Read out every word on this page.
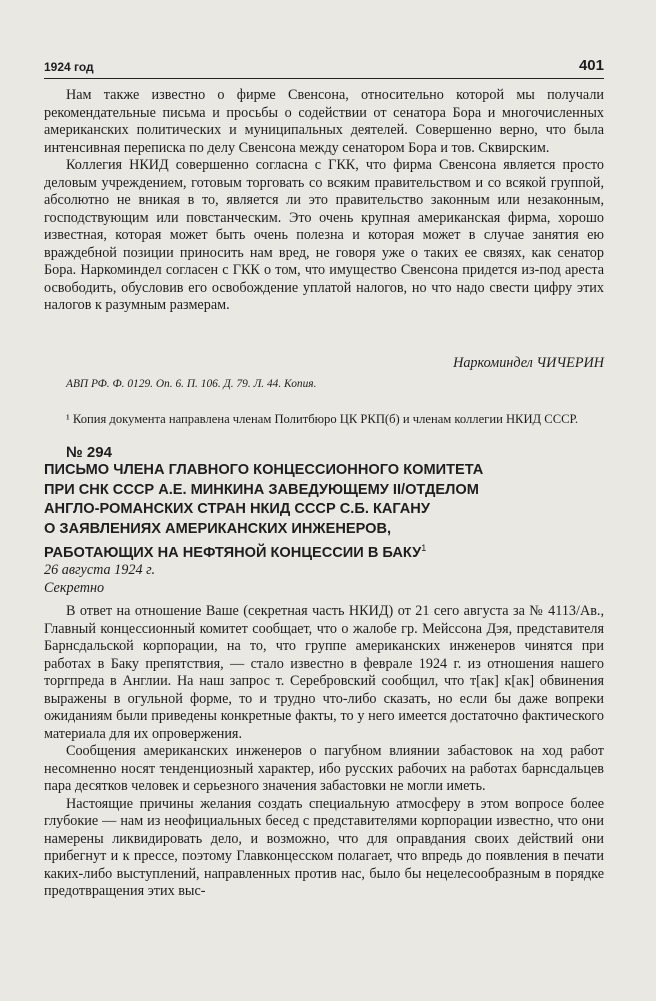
1924 год	401

Нам также известно о фирме Свенсона, относительно которой мы получали рекомендательные письма и просьбы о содействии от сенатора Бора и многочисленных американских политических и муниципальных деятелей. Совершенно верно, что была интенсивная переписка по делу Свенсона между сенатором Бора и тов. Сквирским.

Коллегия НКИД совершенно согласна с ГКК, что фирма Свенсона является просто деловым учреждением, готовым торговать со всяким правительством и со всякой группой, абсолютно не вникая в то, является ли это правительство законным или незаконным, господствующим или повстанческим. Это очень крупная американская фирма, хорошо известная, которая может быть очень полезна и которая может в случае занятия ею враждебной позиции приносить нам вред, не говоря уже о таких ее связях, как сенатор Бора. Наркоминдел согласен с ГКК о том, что имущество Свенсона придется из-под ареста освободить, обусловив его освобождение уплатой налогов, но что надо свести цифру этих налогов к разумным размерам.

Наркоминдел ЧИЧЕРИН

АВП РФ. Ф. 0129. Оп. 6. П. 106. Д. 79. Л. 44. Копия.

¹ Копия документа направлена членам Политбюро ЦК РКП(б) и членам коллегии НКИД СССР.

№ 294

ПИСЬМО ЧЛЕНА ГЛАВНОГО КОНЦЕССИОННОГО КОМИТЕТА
ПРИ СНК СССР А.Е. МИНКИНА ЗАВЕДУЮЩЕМУ II/ОТДЕЛОМ
АНГЛО-РОМАНСКИХ СТРАН НКИД СССР С.Б. КАГАНУ
О ЗАЯВЛЕНИЯХ АМЕРИКАНСКИХ ИНЖЕНЕРОВ,
РАБОТАЮЩИХ НА НЕФТЯНОЙ КОНЦЕССИИ В БАКУ$^1$

26 августа 1924 г.

Секретно

В ответ на отношение Ваше (секретная часть НКИД) от 21 сего августа за № 4113/Ав., Главный концессионный комитет сообщает, что о жалобе гр. Мейссона Дэя, представителя Барнсдальской корпорации, на то, что группе американских инженеров чинятся при работах в Баку препятствия, — стало известно в феврале 1924 г. из отношения нашего торгпреда в Англии. На наш запрос т. Серебровский сообщил, что т[ак] к[ак] обвинения выражены в огульной форме, то и трудно что-либо сказать, но если бы даже вопреки ожиданиям были приведены конкретные факты, то у него имеется достаточно фактического материала для их опровержения.

Сообщения американских инженеров о пагубном влиянии забастовок на ход работ несомненно носят тенденциозный характер, ибо русских рабочих на работах барнсдальцев пара десятков человек и серьезного значения забастовки не могли иметь.

Настоящие причины желания создать специальную атмосферу в этом вопросе более глубокие — нам из неофициальных бесед с представителями корпорации известно, что они намерены ликвидировать дело, и возможно, что для оправдания своих действий они прибегнут и к прессе, поэтому Главконцесском полагает, что впредь до появления в печати каких-либо выступлений, направленных против нас, было бы нецелесообразным в порядке предотвращения этих выс-
